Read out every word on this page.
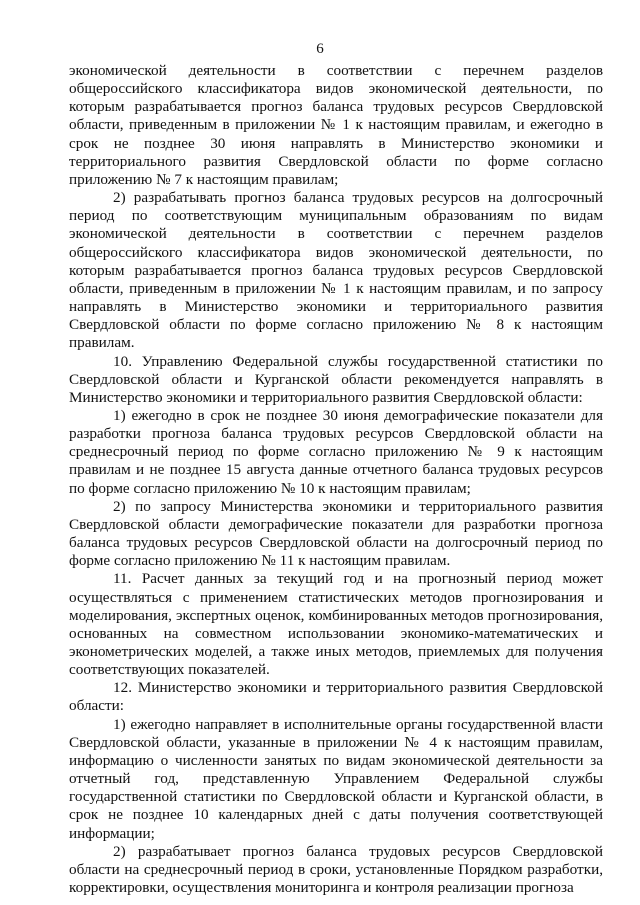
6

экономической деятельности в соответствии с перечнем разделов общероссийского классификатора видов экономической деятельности, по которым разрабатывается прогноз баланса трудовых ресурсов Свердловской области, приведенным в приложении № 1 к настоящим правилам, и ежегодно в срок не позднее 30 июня направлять в Министерство экономики и территориального развития Свердловской области по форме согласно приложению № 7 к настоящим правилам;

2) разрабатывать прогноз баланса трудовых ресурсов на долгосрочный период по соответствующим муниципальным образованиям по видам экономической деятельности в соответствии с перечнем разделов общероссийского классификатора видов экономической деятельности, по которым разрабатывается прогноз баланса трудовых ресурсов Свердловской области, приведенным в приложении № 1 к настоящим правилам, и по запросу направлять в Министерство экономики и территориального развития Свердловской области по форме согласно приложению № 8 к настоящим правилам.

10. Управлению Федеральной службы государственной статистики по Свердловской области и Курганской области рекомендуется направлять в Министерство экономики и территориального развития Свердловской области:

1) ежегодно в срок не позднее 30 июня демографические показатели для разработки прогноза баланса трудовых ресурсов Свердловской области на среднесрочный период по форме согласно приложению № 9 к настоящим правилам и не позднее 15 августа данные отчетного баланса трудовых ресурсов по форме согласно приложению № 10 к настоящим правилам;

2) по запросу Министерства экономики и территориального развития Свердловской области демографические показатели для разработки прогноза баланса трудовых ресурсов Свердловской области на долгосрочный период по форме согласно приложению № 11 к настоящим правилам.

11. Расчет данных за текущий год и на прогнозный период может осуществляться с применением статистических методов прогнозирования и моделирования, экспертных оценок, комбинированных методов прогнозирования, основанных на совместном использовании экономико-математических и эконометрических моделей, а также иных методов, приемлемых для получения соответствующих показателей.

12. Министерство экономики и территориального развития Свердловской области:

1) ежегодно направляет в исполнительные органы государственной власти Свердловской области, указанные в приложении № 4 к настоящим правилам, информацию о численности занятых по видам экономической деятельности за отчетный год, представленную Управлением Федеральной службы государственной статистики по Свердловской области и Курганской области, в срок не позднее 10 календарных дней с даты получения соответствующей информации;

2) разрабатывает прогноз баланса трудовых ресурсов Свердловской области на среднесрочный период в сроки, установленные Порядком разработки, корректировки, осуществления мониторинга и контроля реализации прогноза
